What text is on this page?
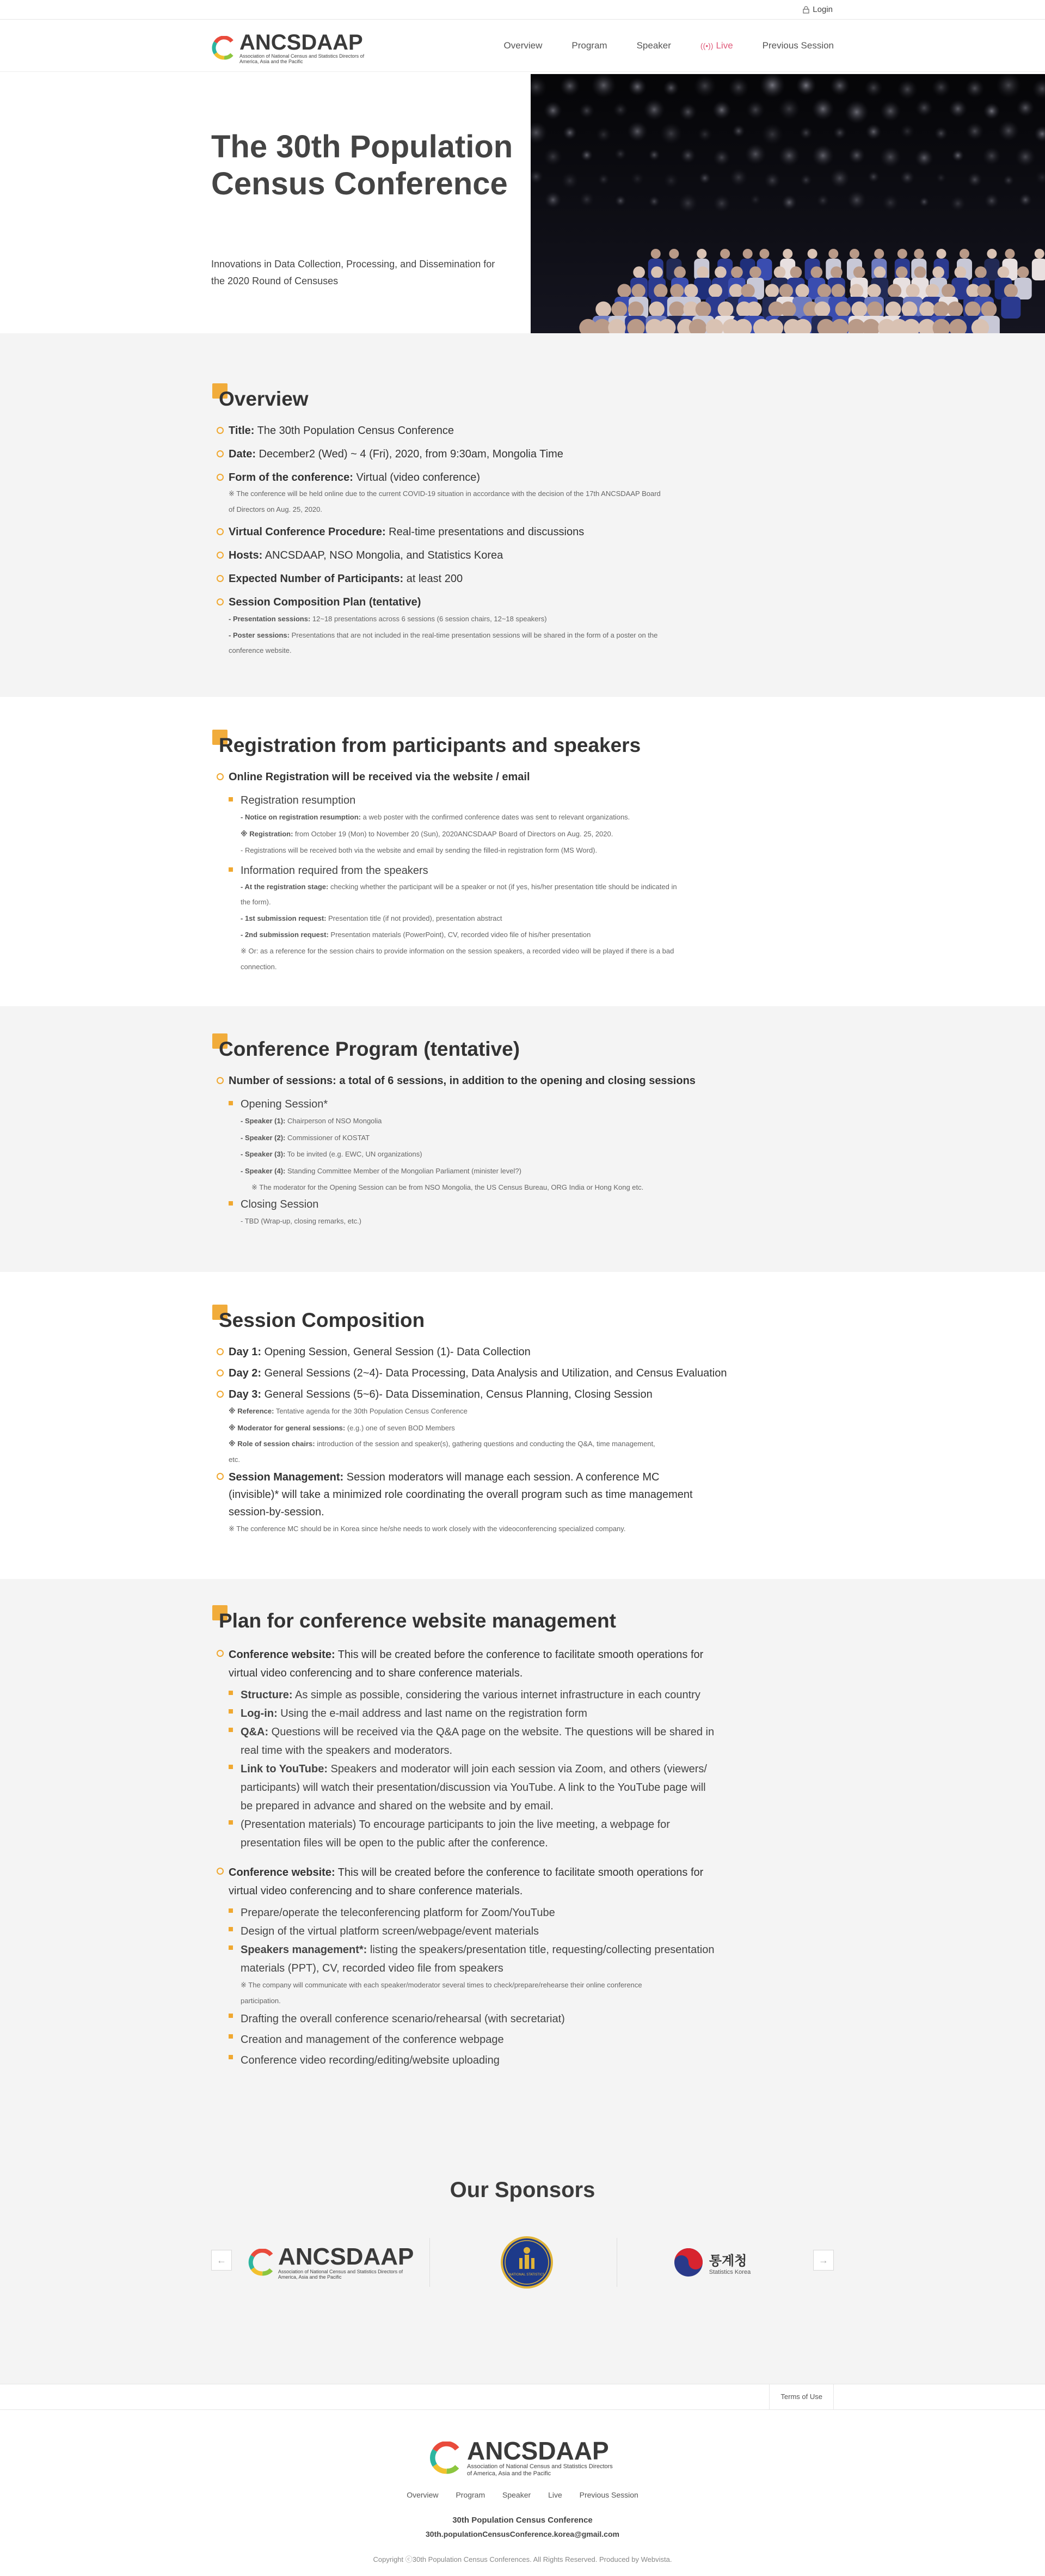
Login
ANCSDAAP
Association of National Census and Statistics Directors of America, Asia and the Pacific
Overview	Program	Speaker	((•)) Live	Previous Session
The 30th Population Census Conference
Innovations in Data Collection, Processing, and Dissemination for the 2020 Round of Censuses
Overview
Title: The 30th Population Census Conference
Date: December2 (Wed) ~ 4 (Fri), 2020, from 9:30am, Mongolia Time
Form of the conference: Virtual (video conference)
※ The conference will be held online due to the current COVID-19 situation in accordance with the decision of the 17th ANCSDAAP Board of Directors on Aug. 25, 2020.
Virtual Conference Procedure: Real-time presentations and discussions
Hosts: ANCSDAAP, NSO Mongolia, and Statistics Korea
Expected Number of Participants: at least 200
Session Composition Plan (tentative)
- Presentation sessions: 12~18 presentations across 6 sessions (6 session chairs, 12~18 speakers)
- Poster sessions: Presentations that are not included in the real-time presentation sessions will be shared in the form of a poster on the conference website.
Registration from participants and speakers
Online Registration will be received via the website / email
Registration resumption
- Notice on registration resumption: a web poster with the confirmed conference dates was sent to relevant organizations.
※ Registration: from October 19 (Mon) to November 20 (Sun), 2020ANCSDAAP Board of Directors on Aug. 25, 2020.
- Registrations will be received both via the website and email by sending the filled-in registration form (MS Word).
Information required from the speakers
- At the registration stage: checking whether the participant will be a speaker or not (if yes, his/her presentation title should be indicated in the form).
- 1st submission request: Presentation title (if not provided), presentation abstract
- 2nd submission request: Presentation materials (PowerPoint), CV, recorded video file of his/her presentation
※ Or: as a reference for the session chairs to provide information on the session speakers, a recorded video will be played if there is a bad connection.
Conference Program (tentative)
Number of sessions: a total of 6 sessions, in addition to the opening and closing sessions
Opening Session*
- Speaker (1): Chairperson of NSO Mongolia
- Speaker (2): Commissioner of KOSTAT
- Speaker (3): To be invited (e.g. EWC, UN organizations)
- Speaker (4): Standing Committee Member of the Mongolian Parliament (minister level?)
※ The moderator for the Opening Session can be from NSO Mongolia, the US Census Bureau, ORG India or Hong Kong etc.
Closing Session
- TBD (Wrap-up, closing remarks, etc.)
Session Composition
Day 1: Opening Session, General Session (1)- Data Collection
Day 2: General Sessions (2~4)- Data Processing, Data Analysis and Utilization, and Census Evaluation
Day 3: General Sessions (5~6)- Data Dissemination, Census Planning, Closing Session
※ Reference: Tentative agenda for the 30th Population Census Conference
※ Moderator for general sessions: (e.g.) one of seven BOD Members
※ Role of session chairs: introduction of the session and speaker(s), gathering questions and conducting the Q&A, time management, etc.
Session Management: Session moderators will manage each session. A conference MC (invisible)* will take a minimized role coordinating the overall program such as time management session-by-session.
※ The conference MC should be in Korea since he/she needs to work closely with the videoconferencing specialized company.
Plan for conference website management
Conference website: This will be created before the conference to facilitate smooth operations for virtual video conferencing and to share conference materials.
Structure: As simple as possible, considering the various internet infrastructure in each country
Log-in: Using the e-mail address and last name on the registration form
Q&A: Questions will be received via the Q&A page on the website. The questions will be shared in real time with the speakers and moderators.
Link to YouTube: Speakers and moderator will join each session via Zoom, and others (viewers/ participants) will watch their presentation/discussion via YouTube. A link to the YouTube page will be prepared in advance and shared on the website and by email.
(Presentation materials) To encourage participants to join the live meeting, a webpage for presentation files will be open to the public after the conference.
Conference website: This will be created before the conference to facilitate smooth operations for virtual video conferencing and to share conference materials.
Prepare/operate the teleconferencing platform for Zoom/YouTube
Design of the virtual platform screen/webpage/event materials
Speakers management*: listing the speakers/presentation title, requesting/collecting presentation materials (PPT), CV, recorded video file from speakers
※ The company will communicate with each speaker/moderator several times to check/prepare/rehearse their online conference participation.
Drafting the overall conference scenario/rehearsal (with secretariat)
Creation and management of the conference webpage
Conference video recording/editing/website uploading
Our Sponsors
← ANCSDAAP
Association of National Census and Statistics Directors of America, Asia and the Pacific	NATIONAL STATISTICS
통계청
Statistics Korea
→
Terms of Use
ANCSDAAP
Association of National Census and Statistics Directors of America, Asia and the Pacific
Overview Program Speaker Live Previous Session
30th Population Census Conference
30th.populationCensusConference.korea@gmail.com
Copyright ⓒ30th Population Census Conferences. All Rights Reserved. Produced by Webvista.
